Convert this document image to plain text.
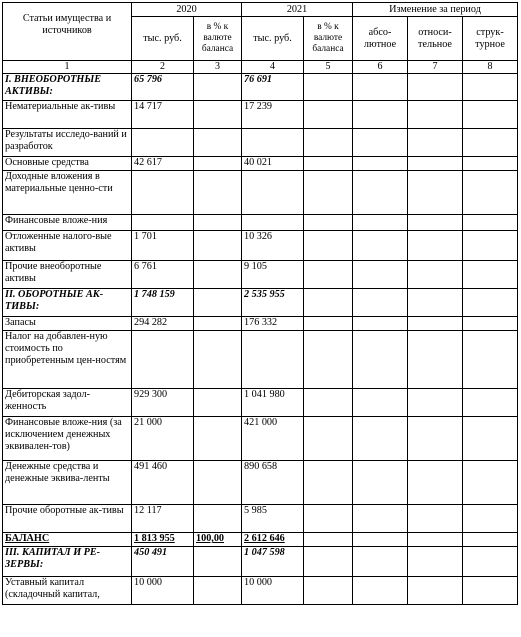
Статьи имущества и источников	2020		2021		Изменение за период		
	тыс. руб.	в % к валюте баланса	тыс. руб.	в % к валюте баланса	абсо-лютное	относи-тельное	струк-турное
1	2	3	4	5	6	7	8
I. ВНЕОБОРОТНЫЕ АКТИВЫ:	65 796		76 691				
Нематериальные ак-тивы	14 717		17 239				
Результаты исследо-ваний и разработок							
Основные средства	42 617		40 021				
Доходные вложения в материальные ценно-сти							
Финансовые вложе-ния							
Отложенные налого-вые активы	1 701		10 326				
Прочие внеоборотные активы	6 761		9 105				
II. ОБОРОТНЫЕ АК-ТИВЫ:	1 748 159		2 535 955				
Запасы	294 282		176 332				
Налог на добавлен-ную стоимость по приобретенным цен-ностям							
Дебиторская задол-женность	929 300		1 041 980				
Финансовые вложе-ния (за исключением денежных эквивален-тов)	21 000		421 000				
Денежные средства и денежные эквива-ленты	491 460		890 658				
Прочие оборотные ак-тивы	12 117		5 985				
БАЛАНС	1 813 955	100,00	2 612 646				
III. КАПИТАЛ И РЕ-ЗЕРВЫ:	450 491		1 047 598				
Уставный капитал (складочный капитал,	10 000		10 000				
